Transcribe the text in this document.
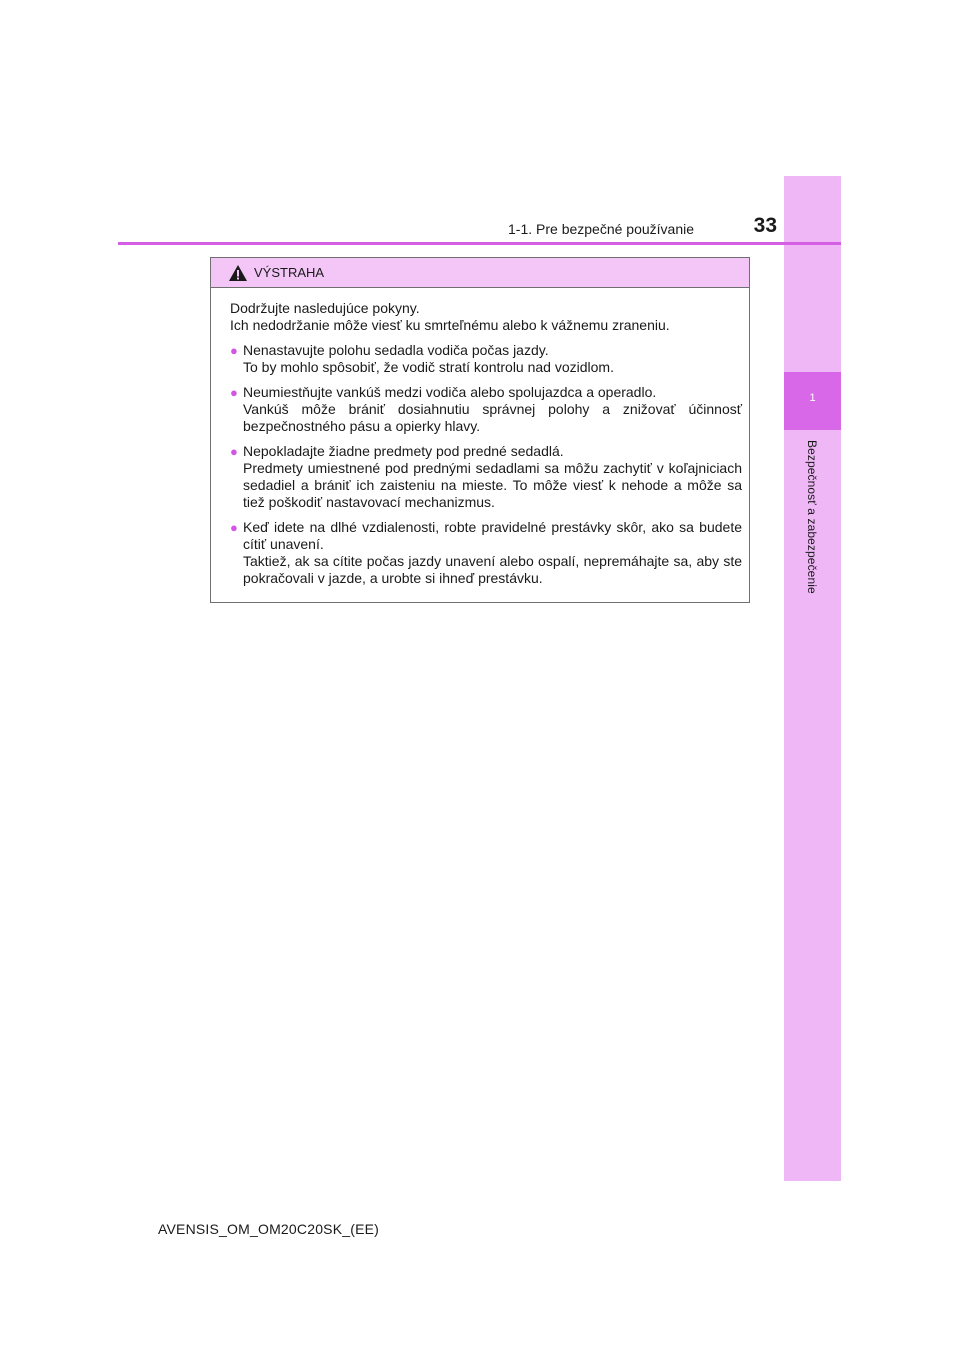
1
Bezpečnosť a zabezpečenie
1-1. Pre bezpečné používanie	33
VÝSTRAHA

Dodržujte nasledujúce pokyny.

Ich nedodržanie môže viesť ku smrteľnému alebo k vážnemu zraneniu.

● Nenastavujte polohu sedadla vodiča počas jazdy.

To by mohlo spôsobiť, že vodič stratí kontrolu nad vozidlom.

● Neumiestňujte vankúš medzi vodiča alebo spolujazdca a operadlo.

Vankúš môže brániť dosiahnutiu správnej polohy a znižovať účinnosť bezpečnostného pásu a opierky hlavy.

● Nepokladajte žiadne predmety pod predné sedadlá.

Predmety umiestnené pod prednými sedadlami sa môžu zachytiť v koľajniciach sedadiel a brániť ich zaisteniu na mieste. To môže viesť k nehode a môže sa tiež poškodiť nastavovací mechanizmus.

● Keď idete na dlhé vzdialenosti, robte pravidelné prestávky skôr, ako sa budete cítiť unavení.

Taktiež, ak sa cítite počas jazdy unavení alebo ospalí, nepremáhajte sa, aby ste pokračovali v jazde, a urobte si ihneď prestávku.

AVENSIS_OM_OM20C20SK_(EE)
